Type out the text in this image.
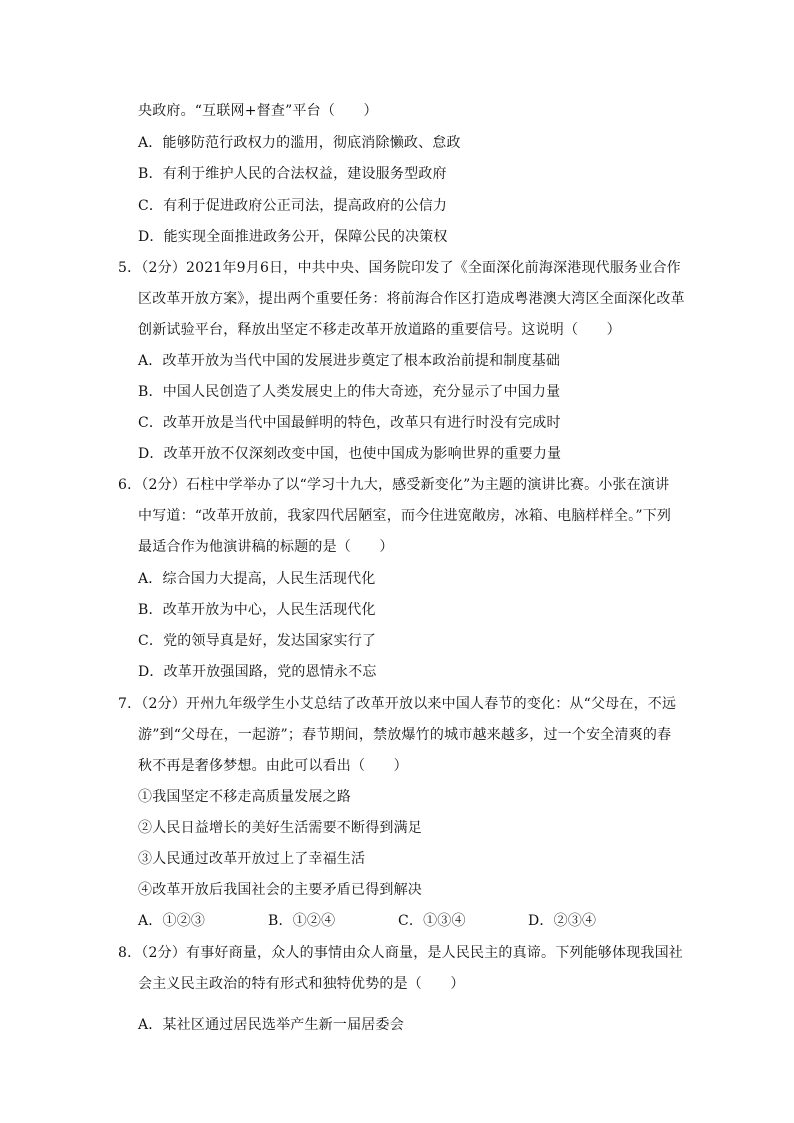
央政府。“互联网+督查”平台（　　）
A．能够防范行政权力的滥用，彻底消除懒政、怠政
B．有利于维护人民的合法权益，建设服务型政府
C．有利于促进政府公正司法，提高政府的公信力
D．能实现全面推进政务公开，保障公民的决策权
5．（2分）2021年9月6日，中共中央、国务院印发了《全面深化前海深港现代服务业合作
区改革开放方案》，提出两个重要任务：将前海合作区打造成粤港澳大湾区全面深化改革
创新试验平台，释放出坚定不移走改革开放道路的重要信号。这说明（　　）
A．改革开放为当代中国的发展进步奠定了根本政治前提和制度基础
B．中国人民创造了人类发展史上的伟大奇迹，充分显示了中国力量
C．改革开放是当代中国最鲜明的特色，改革只有进行时没有完成时
D．改革开放不仅深刻改变中国，也使中国成为影响世界的重要力量
6．（2分）石柱中学举办了以“学习十九大，感受新变化”为主题的演讲比赛。小张在演讲
中写道：“改革开放前，我家四代居陋室，而今住进宽敞房，冰箱、电脑样样全。”下列
最适合作为他演讲稿的标题的是（　　）
A．综合国力大提高，人民生活现代化
B．改革开放为中心，人民生活现代化
C．党的领导真是好，发达国家实行了
D．改革开放强国路，党的恩情永不忘
7．（2分）开州九年级学生小艾总结了改革开放以来中国人春节的变化：从“父母在，不远
游”到“父母在，一起游”；春节期间，禁放爆竹的城市越来越多，过一个安全清爽的春
秋不再是奢侈梦想。由此可以看出（　　）
①我国坚定不移走高质量发展之路
②人民日益增长的美好生活需要不断得到满足
③人民通过改革开放过上了幸福生活
④改革开放后我国社会的主要矛盾已得到解决
A．①②③	B．①②④	C．①③④	D．②③④
8．（2分）有事好商量，众人的事情由众人商量，是人民民主的真谛。下列能够体现我国社
会主义民主政治的特有形式和独特优势的是（　　）
A．某社区通过居民选举产生新一届居委会
